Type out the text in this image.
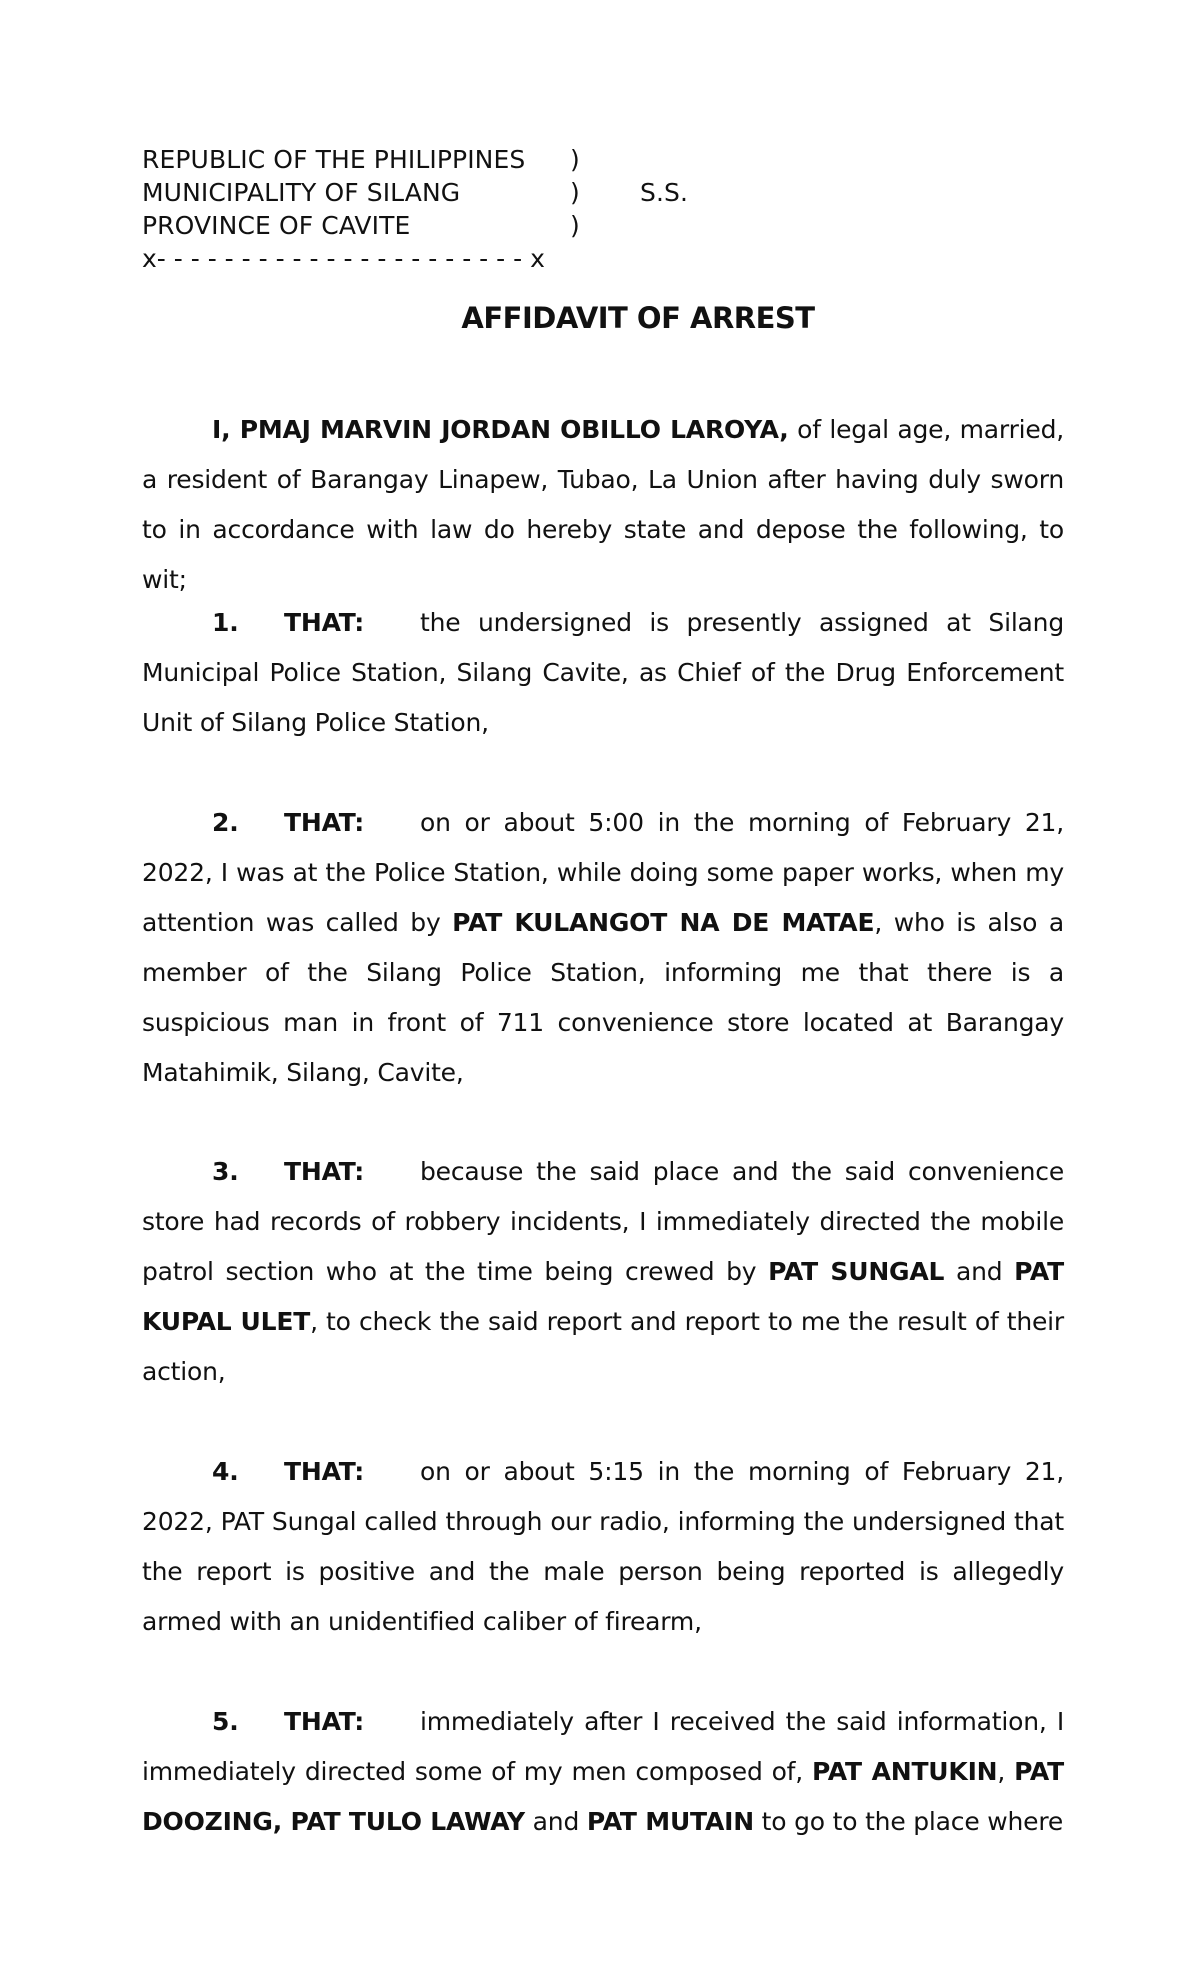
REPUBLIC OF THE PHILIPPINES )
MUNICIPALITY OF SILANG	) S.S.
PROVINCE OF CAVITE	)
x- - - - - - - - - - - - - - - - - - - - - - x
AFFIDAVIT OF ARREST
I, PMAJ MARVIN JORDAN OBILLO LAROYA, of legal age, married, a resident of Barangay Linapew, Tubao, La Union after having duly sworn to in accordance with law do hereby state and depose the following, to wit;
1. THAT: the undersigned is presently assigned at Silang Municipal Police Station, Silang Cavite, as Chief of the Drug Enforcement Unit of Silang Police Station,
2. THAT: on or about 5:00 in the morning of February 21, 2022, I was at the Police Station, while doing some paper works, when my attention was called by PAT KULANGOT NA DE MATAE, who is also a member of the Silang Police Station, informing me that there is a suspicious man in front of 711 convenience store located at Barangay Matahimik, Silang, Cavite,
3. THAT: because the said place and the said convenience store had records of robbery incidents, I immediately directed the mobile patrol section who at the time being crewed by PAT SUNGAL and PAT KUPAL ULET, to check the said report and report to me the result of their action,
4. THAT: on or about 5:15 in the morning of February 21, 2022, PAT Sungal called through our radio, informing the undersigned that the report is positive and the male person being reported is allegedly armed with an unidentified caliber of firearm,
5. THAT: immediately after I received the said information, I immediately directed some of my men composed of, PAT ANTUKIN, PAT DOOZING, PAT TULO LAWAY and PAT MUTAIN to go to the place where
